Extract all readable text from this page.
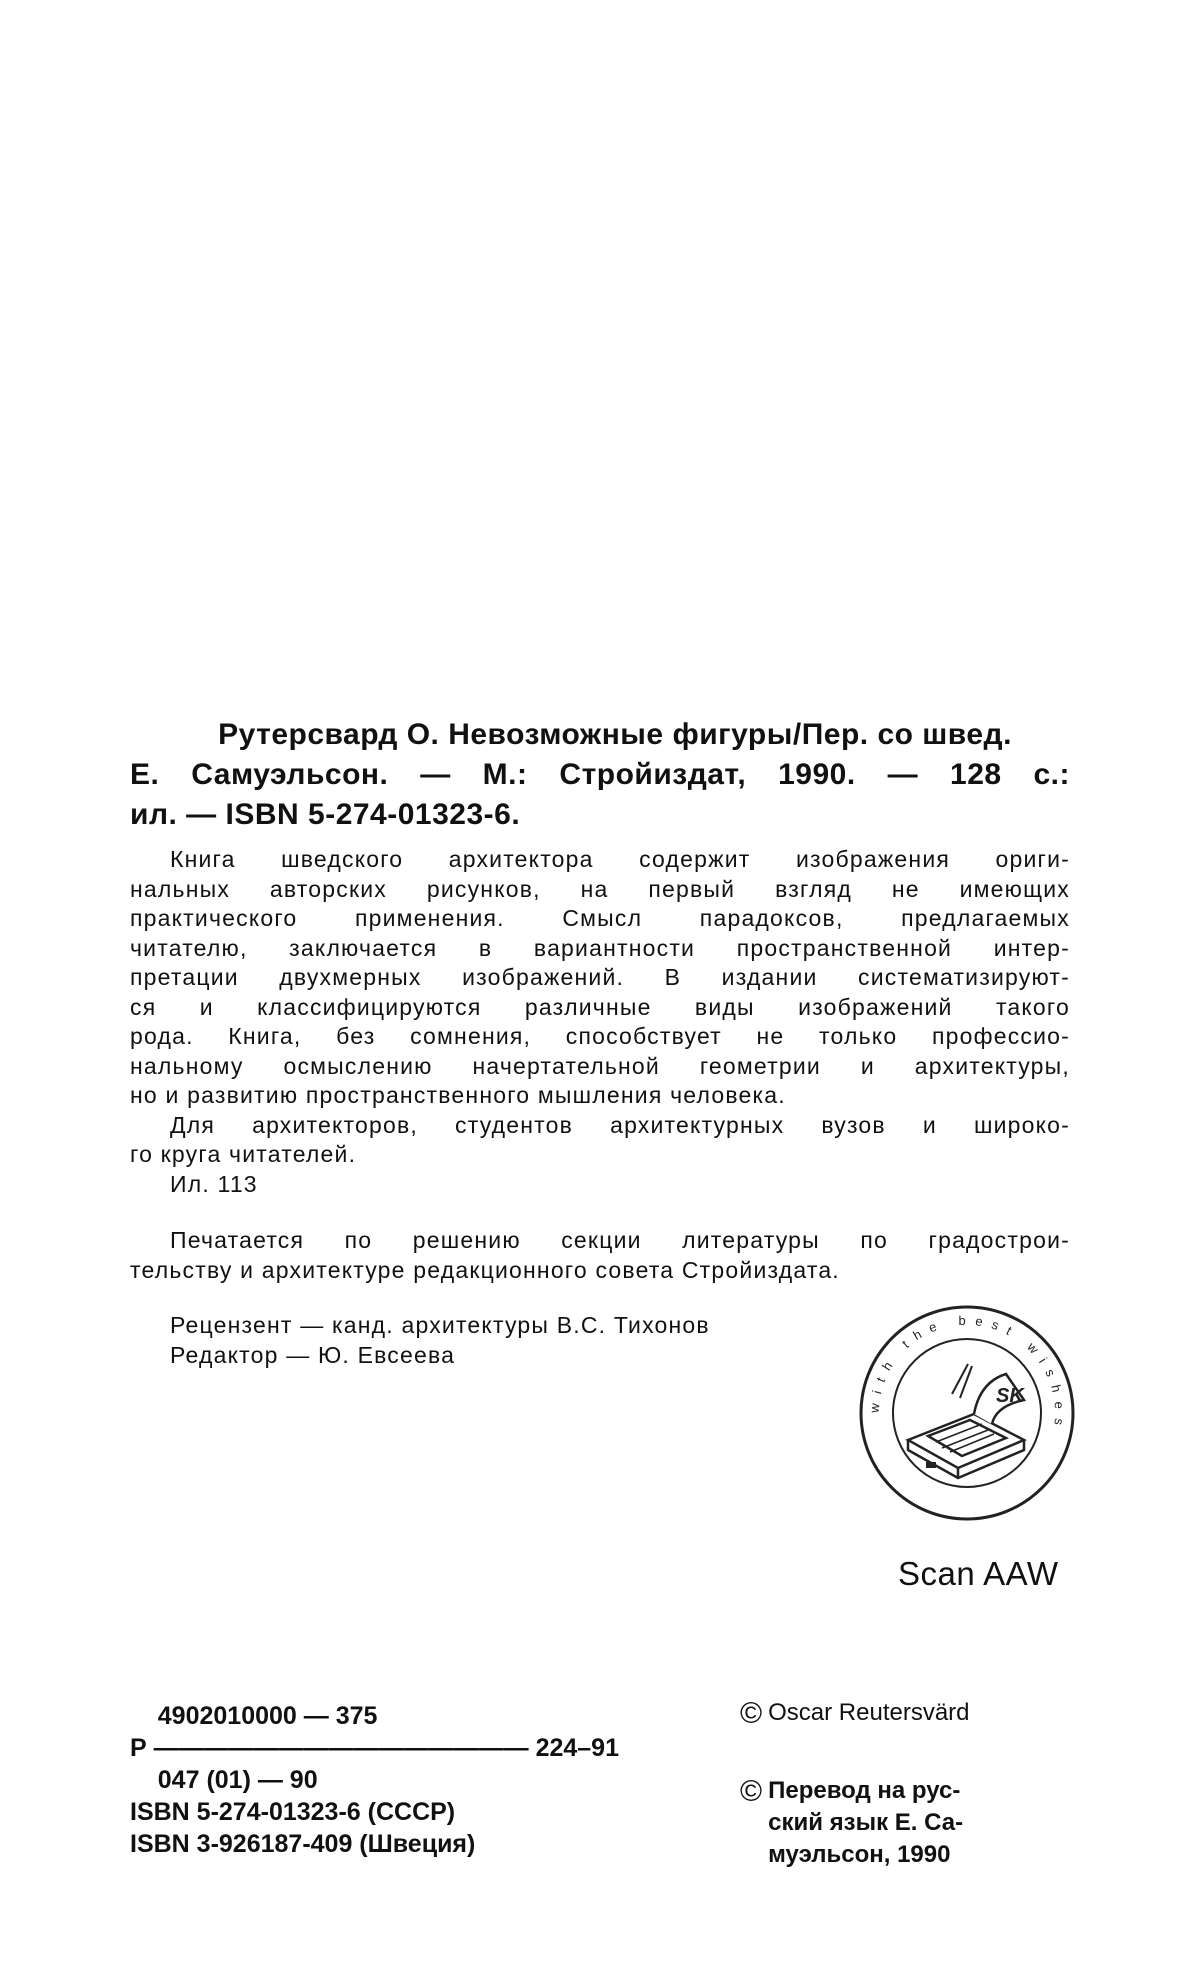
Рутерсвард О. Невозможные фигуры/Пер. со швед.
Е. Самуэльсон. — М.: Стройиздат, 1990. — 128 с.:
ил. — ISBN 5-274-01323-6.
Книга шведского архитектора содержит изображения ориги-
нальных авторских рисунков, на первый взгляд не имеющих
практического применения. Смысл парадоксов, предлагаемых
читателю, заключается в вариантности пространственной интер-
претации двухмерных изображений. В издании систематизируют-
ся и классифицируются различные виды изображений такого
рода. Книга, без сомнения, способствует не только профессио-
нальному осмыслению начертательной геометрии и архитектуры,
но и развитию пространственного мышления человека.
Для архитекторов, студентов архитектурных вузов и широко-
го круга читателей.
Ил. 113
Печатается по решению секции литературы по градострои-
тельству и архитектуре редакционного совета Стройиздата.
Рецензент — канд. архитектуры В.С. Тихонов
Редактор — Ю. Евсеева
with the best wishes
SK
Scan AAW
4902010000 — 375
Р ——————————————— 224–91
047 (01) — 90
ISBN 5-274-01323-6 (СССР)
ISBN 3-926187-409 (Швеция)
© Oscar Reutersvärd
© Перевод на рус-
ский язык Е. Са-
муэльсон, 1990
